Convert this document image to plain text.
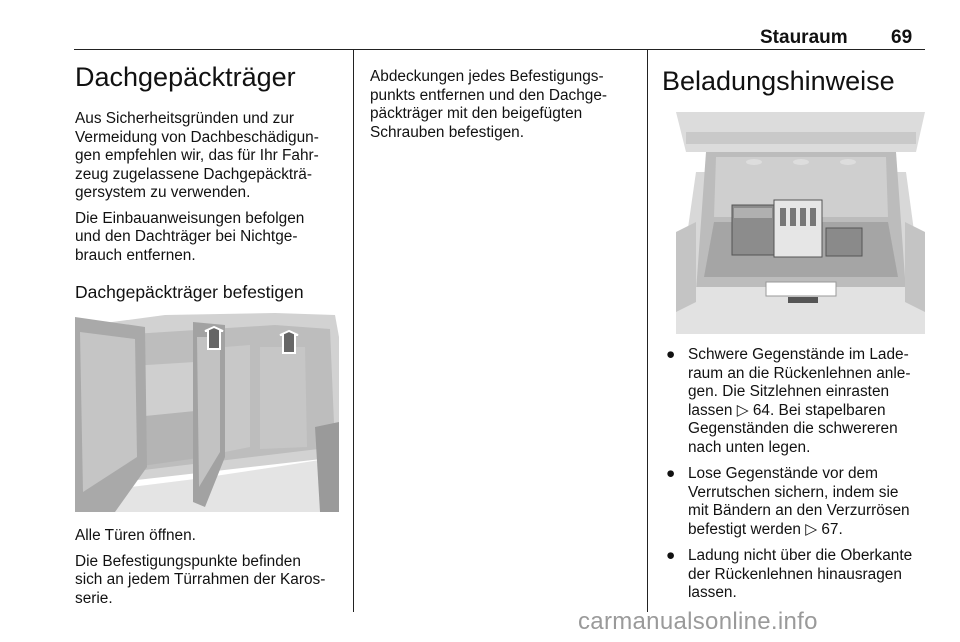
Stauraum 69
Dachgepäckträger

Aus Sicherheitsgründen und zur
Vermeidung von Dachbeschädigun-
gen empfehlen wir, das für Ihr Fahr-
zeug zugelassene Dachgepäckträ-
gersystem zu verwenden.

Die Einbauanweisungen befolgen
und den Dachträger bei Nichtge-
brauch entfernen.

Dachgepäckträger befestigen

Alle Türen öffnen.

Die Befestigungspunkte befinden
sich an jedem Türrahmen der Karos-
serie.

Abdeckungen jedes Befestigungs-
punkts entfernen und den Dachge-
päckträger mit den beigefügten
Schrauben befestigen.

Beladungshinweise
● Schwere Gegenstände im Lade-
raum an die Rückenlehnen anle-
gen. Die Sitzlehnen einrasten
lassen ▷ 64. Bei stapelbaren
Gegenständen die schwereren
nach unten legen.
● Lose Gegenstände vor dem
Verrutschen sichern, indem sie
mit Bändern an den Verzurrösen
befestigt werden ▷ 67.
● Ladung nicht über die Oberkante
der Rückenlehnen hinausragen
lassen.
carmanualsonline.info
